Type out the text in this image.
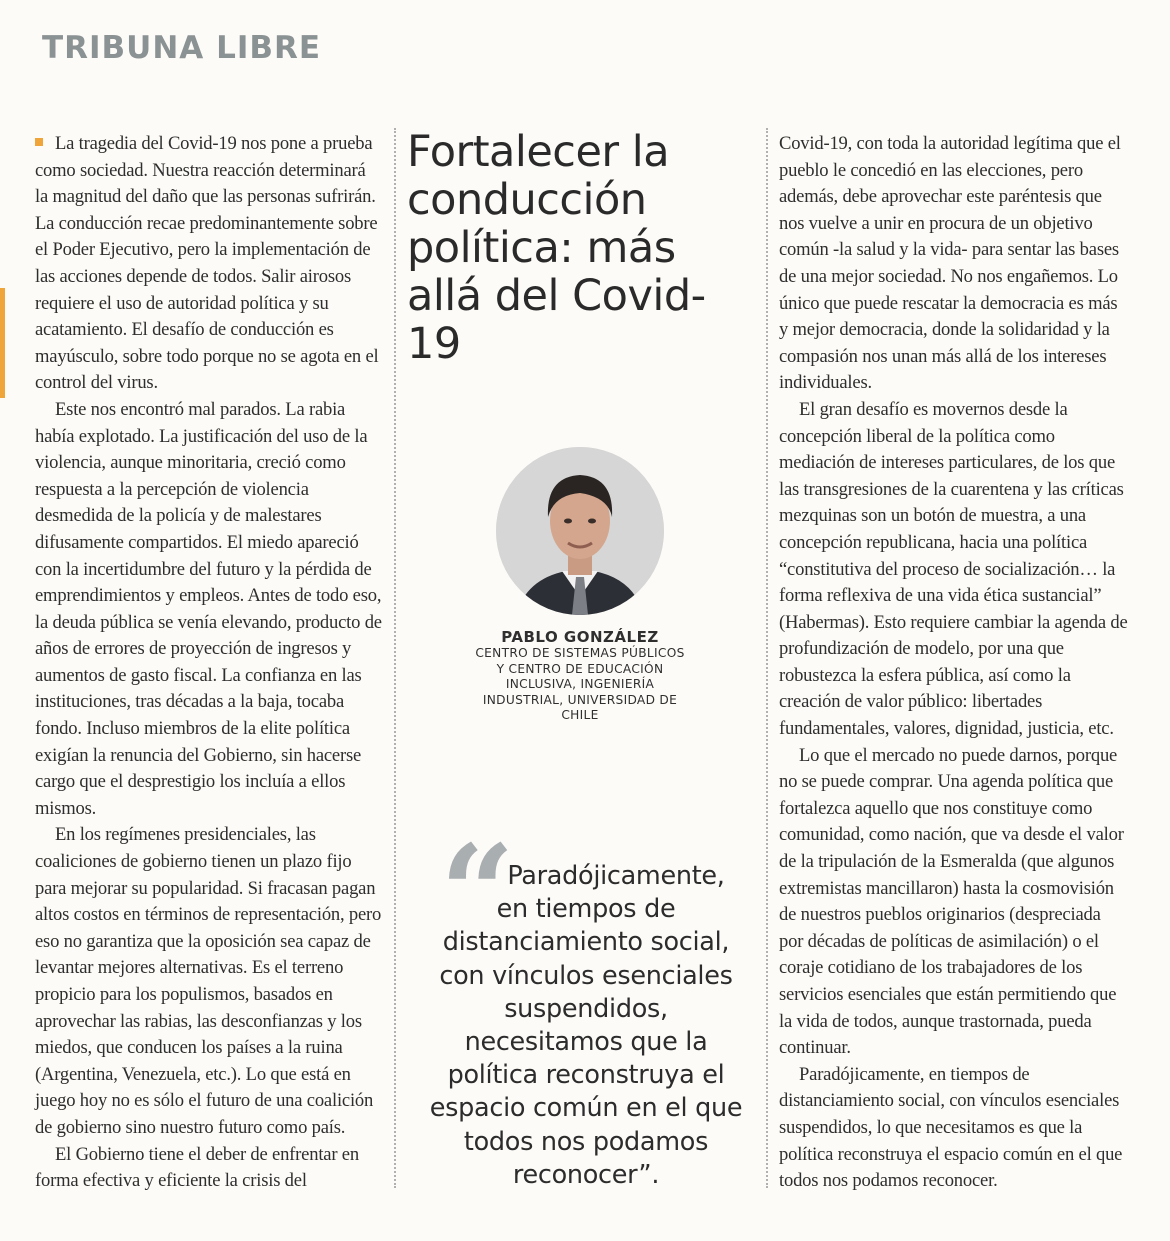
TRIBUNA LIBRE

La tragedia del Covid-19 nos pone a prueba como sociedad. Nuestra reacción determinará la magnitud del daño que las personas sufrirán. La conducción recae predominantemente sobre el Poder Ejecutivo, pero la implementación de las acciones depende de todos. Salir airosos requiere el uso de autoridad política y su acatamiento. El desafío de conducción es mayúsculo, sobre todo porque no se agota en el control del virus.

Este nos encontró mal parados. La rabia había explotado. La justificación del uso de la violencia, aunque minoritaria, creció como respuesta a la percepción de violencia desmedida de la policía y de malestares difusamente compartidos. El miedo apareció con la incertidumbre del futuro y la pérdida de emprendimientos y empleos. Antes de todo eso, la deuda pública se venía elevando, producto de años de errores de proyección de ingresos y aumentos de gasto fiscal. La confianza en las instituciones, tras décadas a la baja, tocaba fondo. Incluso miembros de la elite política exigían la renuncia del Gobierno, sin hacerse cargo que el desprestigio los incluía a ellos mismos.

En los regímenes presidenciales, las coaliciones de gobierno tienen un plazo fijo para mejorar su popularidad. Si fracasan pagan altos costos en términos de representación, pero eso no garantiza que la oposición sea capaz de levantar mejores alternativas. Es el terreno propicio para los populismos, basados en aprovechar las rabias, las desconfianzas y los miedos, que conducen los países a la ruina (Argentina, Venezuela, etc.). Lo que está en juego hoy no es sólo el futuro de una coalición de gobierno sino nuestro futuro como país.

El Gobierno tiene el deber de enfrentar en forma efectiva y eficiente la crisis del

Fortalecer la conducción política: más allá del Covid-19
PABLO GONZÁLEZ
CENTRO DE SISTEMAS PÚBLICOS Y CENTRO DE EDUCACIÓN INCLUSIVA, INGENIERÍA INDUSTRIAL, UNIVERSIDAD DE CHILE
“

Paradójicamente, en tiempos de distanciamiento social, con vínculos esenciales suspendidos, necesitamos que la política reconstruya el espacio común en el que todos nos podamos reconocer”.

Covid-19, con toda la autoridad legítima que el pueblo le concedió en las elecciones, pero además, debe aprovechar este paréntesis que nos vuelve a unir en procura de un objetivo común -la salud y la vida- para sentar las bases de una mejor sociedad. No nos engañemos. Lo único que puede rescatar la democracia es más y mejor democracia, donde la solidaridad y la compasión nos unan más allá de los intereses individuales.

El gran desafío es movernos desde la concepción liberal de la política como mediación de intereses particulares, de los que las transgresiones de la cuarentena y las críticas mezquinas son un botón de muestra, a una concepción republicana, hacia una política “constitutiva del proceso de socialización… la forma reflexiva de una vida ética sustancial” (Habermas). Esto requiere cambiar la agenda de profundización de modelo, por una que robustezca la esfera pública, así como la creación de valor público: libertades fundamentales, valores, dignidad, justicia, etc.

Lo que el mercado no puede darnos, porque no se puede comprar. Una agenda política que fortalezca aquello que nos constituye como comunidad, como nación, que va desde el valor de la tripulación de la Esmeralda (que algunos extremistas mancillaron) hasta la cosmovisión de nuestros pueblos originarios (despreciada por décadas de políticas de asimilación) o el coraje cotidiano de los trabajadores de los servicios esenciales que están permitiendo que la vida de todos, aunque trastornada, pueda continuar.

Paradójicamente, en tiempos de distanciamiento social, con vínculos esenciales suspendidos, lo que necesitamos es que la política reconstruya el espacio común en el que todos nos podamos reconocer.
